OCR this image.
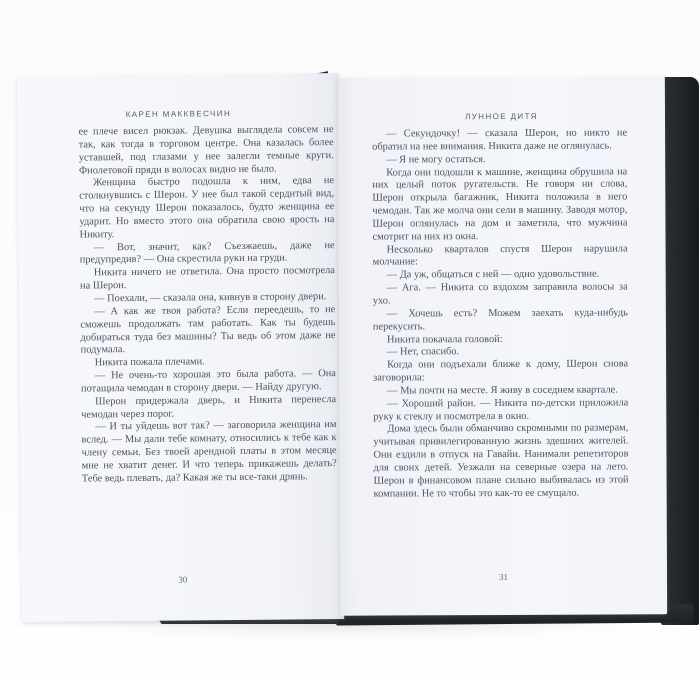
КАРЕН МАККВЕСЧИН

ее плече висел рюкзак. Девушка выглядела совсем не так, как тогда в торговом центре. Она казалась более уставшей, под глазами у нее залегли темные круги. Фиолетовой пряди в волосах видно не было.

Женщина быстро подошла к ним, едва не столкнувшись с Шерон. У нее был такой сердитый вид, что на секунду Шерон показалось, будто женщина ее ударит. Но вместо этого она обратила свою ярость на Никиту.

— Вот, значит, как? Съезжаешь, даже не предупредив? — Она скрестила руки на груди.

Никита ничего не ответила. Она просто посмотрела на Шерон.

— Поехали, — сказала она, кивнув в сторону двери.

— А как же твоя работа? Если переедешь, то не сможешь продолжать там работать. Как ты будешь добираться туда без машины? Ты ведь об этом даже не подумала.

Никита пожала плечами.

— Не очень-то хорошая это была работа. — Она потащила чемодан в сторону двери. — Найду другую.

Шерон придержала дверь, и Никита перенесла чемодан через порог.

— И ты уйдешь вот так? — заговорила женщина им вслед. — Мы дали тебе комнату, относились к тебе как к члену семьи. Без твоей арендной платы в этом месяце мне не хватит денег. И что теперь прикажешь делать? Тебе ведь плевать, да? Какая же ты все-таки дрянь.

30
ЛУННОЕ ДИТЯ

— Секундочку! — сказала Шерон, но никто не обратил на нее внимания. Никита даже не оглянулась.

— Я не могу остаться.

Когда они подошли к машине, женщина обрушила на них целый поток ругательств. Не говоря ни слова, Шерон открыла багажник, Никита положила в него чемодан. Так же молча они сели в машину. Заводя мотор, Шерон оглянулась на дом и заметила, что мужчина смотрит на них из окна.

Несколько кварталов спустя Шерон нарушила молчание:

— Да уж, общаться с ней — одно удовольствие.

— Ага. — Никита со вздохом заправила волосы за ухо.

— Хочешь есть? Можем заехать куда-нибудь перекусить.

Никита покачала головой:

— Нет, спасибо.

Когда они подъехали ближе к дому, Шерон снова заговорила:

— Мы почти на месте. Я живу в соседнем квартале.

— Хороший район. — Никита по-детски приложила руку к стеклу и посмотрела в окно.

Дома здесь были обманчиво скромными по размерам, учитывая привилегированную жизнь здешних жителей. Они ездили в отпуск на Гавайи. Нанимали репетиторов для своих детей. Уезжали на северные озера на лето. Шерон в финансовом плане сильно выбивалась из этой компании. Не то чтобы это как-то ее смущало.

31
